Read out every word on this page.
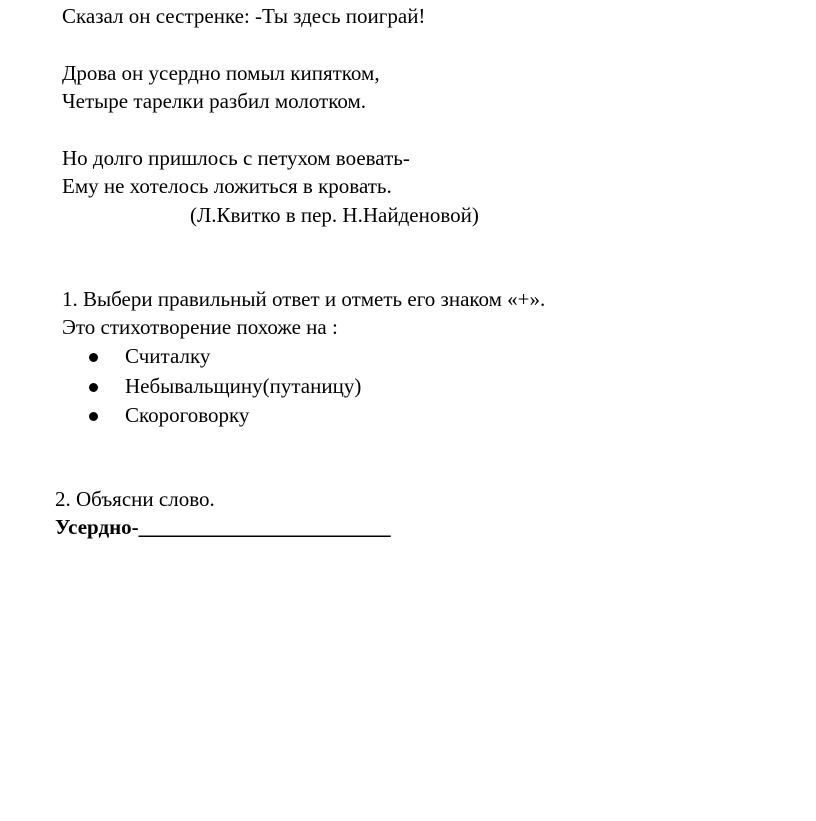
Сказал он сестренке: -Ты здесь поиграй!
Дрова он усердно помыл кипятком,
Четыре тарелки разбил молотком.
Но долго пришлось с петухом воевать-
Ему не хотелось ложиться в кровать.
(Л.Квитко в пер. Н.Найденовой)
1. Выбери правильный ответ и отметь его знаком «+».
Это стихотворение похоже на :
Считалку
Небывальщину(путаницу)
Скороговорку
2. Объясни слово.
Усердно-________________________
